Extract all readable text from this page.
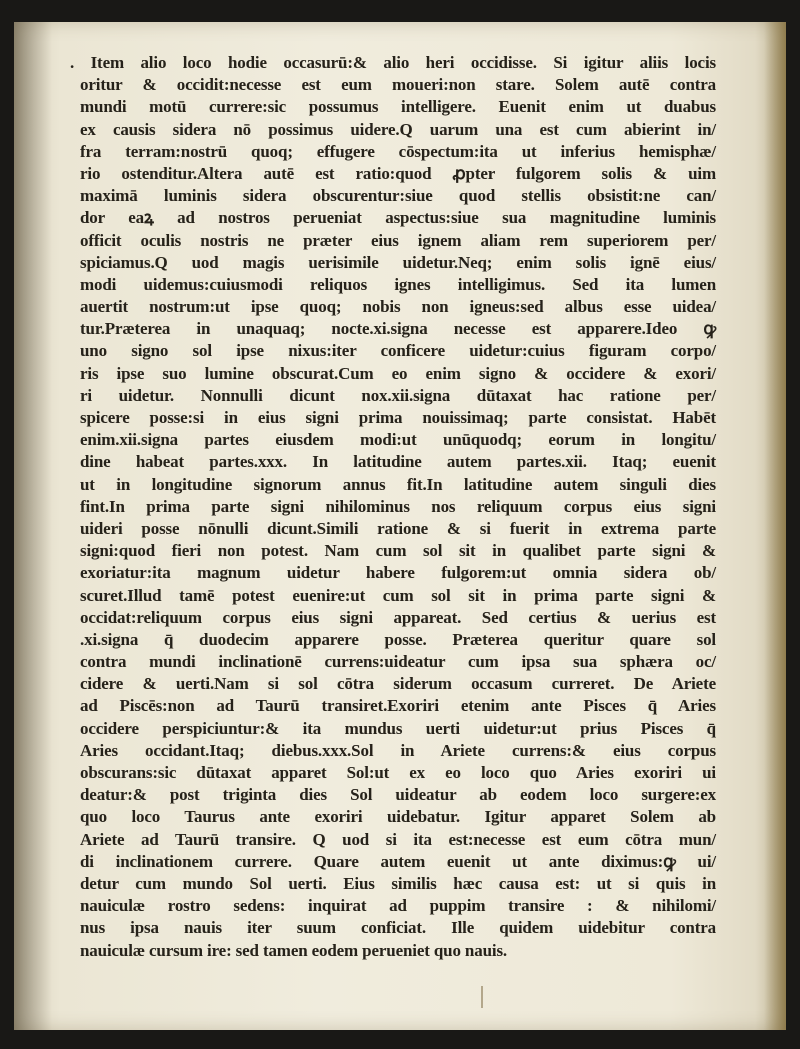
. Item alio loco hodie occasurū:& alio heri occidisse. Si igitur aliis locis
oritur & occidit:necesse est eum moueri:non stare. Solem autē contra
mundi motū currere:sic possumus intelligere. Euenit enim ut duabus
ex causis sidera nō possimus uidere.Q uarum una est cum abierint in/
fra terram:nostrū quoq; effugere cōspectum:ita ut inferius hemisphæ/
rio ostenditur.Altera autē est ratio:quod ꝓpter fulgorem solis & uim
maximā luminis sidera obscurentur:siue quod stellis obsistit:ne can/
dor eaꝝ ad nostros perueniat aspectus:siue sua magnitudine luminis
officit oculis nostris ne præter eius ignem aliam rem superiorem per/
spiciamus.Q uod magis uerisimile uidetur.Neq; enim solis ignē eius/
modi uidemus:cuiusmodi reliquos ignes intelligimus. Sed ita lumen
auertit nostrum:ut ipse quoq; nobis non igneus:sed albus esse uidea/
tur.Præterea in unaquaq; nocte.xi.signa necesse est apparere.Ideo ꝙ
uno signo sol ipse nixus:iter conficere uidetur:cuius figuram corpo/
ris ipse suo lumine obscurat.Cum eo enim signo & occidere & exori/
ri uidetur. Nonnulli dicunt nox.xii.signa dūtaxat hac ratione per/
spicere posse:si in eius signi prima nouissimaq; parte consistat. Habēt
enim.xii.signa partes eiusdem modi:ut unūquodq; eorum in longitu/
dine habeat partes.xxx. In latitudine autem partes.xii. Itaq; euenit
ut in longitudine signorum annus fit.In latitudine autem singuli dies
fint.In prima parte signi nihilominus nos reliquum corpus eius signi
uideri posse nōnulli dicunt.Simili ratione & si fuerit in extrema parte
signi:quod fieri non potest. Nam cum sol sit in qualibet parte signi &
exoriatur:ita magnum uidetur habere fulgorem:ut omnia sidera ob/
scuret.Illud tamē potest euenire:ut cum sol sit in prima parte signi &
occidat:reliquum corpus eius signi appareat. Sed certius & uerius est
.xi.signa q̄ duodecim apparere posse. Præterea queritur quare sol
contra mundi inclinationē currens:uideatur cum ipsa sua sphæra oc/
cidere & uerti.Nam si sol cōtra siderum occasum curreret. De Ariete
ad Piscēs:non ad Taurū transiret.Exoriri etenim ante Pisces q̄ Aries
occidere perspiciuntur:& ita mundus uerti uidetur:ut prius Pisces q̄
Aries occidant.Itaq; diebus.xxx.Sol in Ariete currens:& eius corpus
obscurans:sic dūtaxat apparet Sol:ut ex eo loco quo Aries exoriri ui
deatur:& post triginta dies Sol uideatur ab eodem loco surgere:ex
quo loco Taurus ante exoriri uidebatur. Igitur apparet Solem ab
Ariete ad Taurū transire. Q uod si ita est:necesse est eum cōtra mun/
di inclinationem currere. Quare autem euenit ut ante diximus:ꝙ ui/
detur cum mundo Sol uerti. Eius similis hæc causa est: ut si quis in
nauiculæ rostro sedens: inquirat ad puppim transire : & nihilomi/
nus ipsa nauis iter suum conficiat. Ille quidem uidebitur contra
nauiculæ cursum ire: sed tamen eodem perueniet quo nauis.
